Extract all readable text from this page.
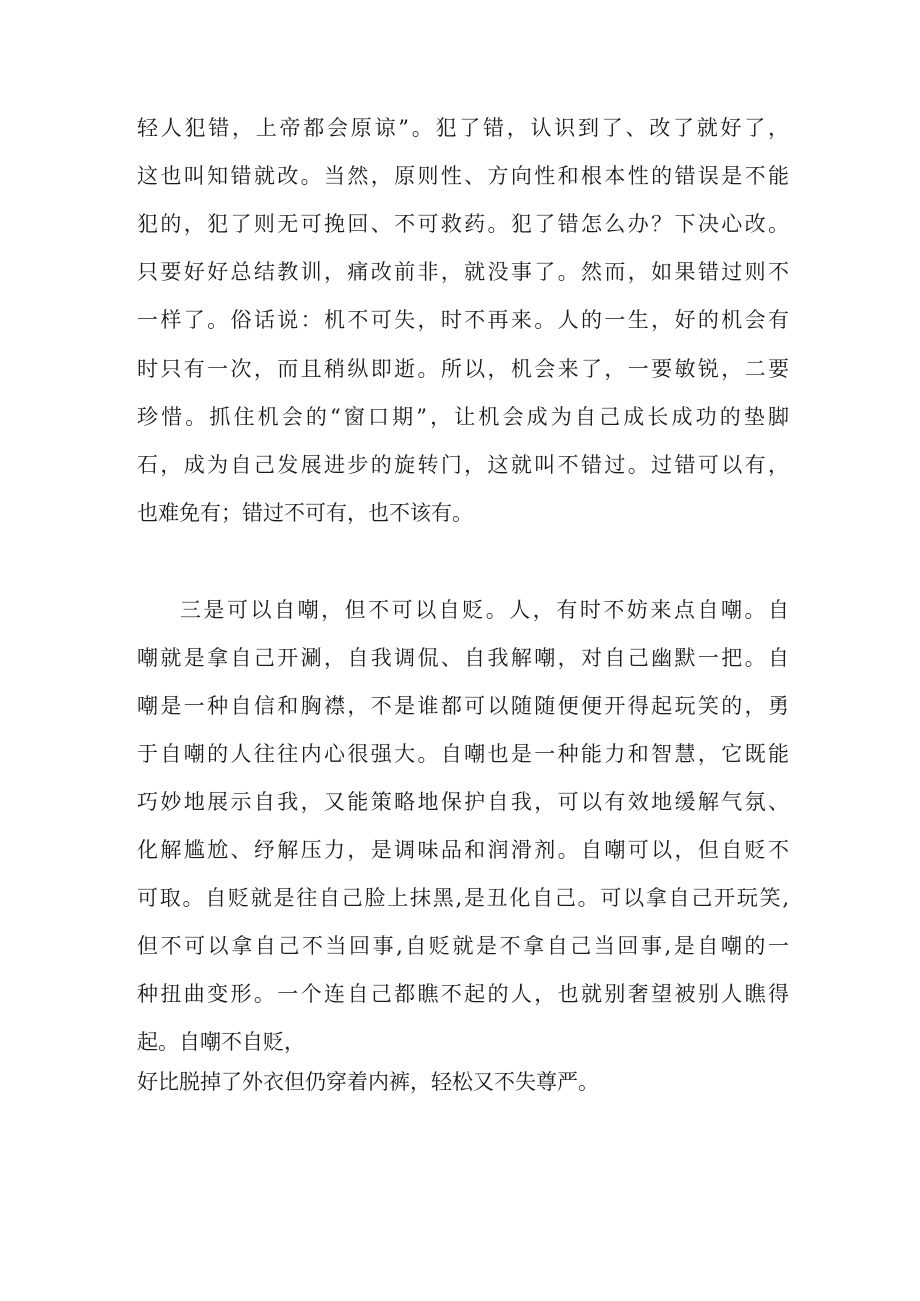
轻人犯错，上帝都会原谅”。犯了错，认识到了、改了就好了，
这也叫知错就改。当然，原则性、方向性和根本性的错误是不能
犯的，犯了则无可挽回、不可救药。犯了错怎么办？下决心改。
只要好好总结教训，痛改前非，就没事了。然而，如果错过则不
一样了。俗话说：机不可失，时不再来。人的一生，好的机会有
时只有一次，而且稍纵即逝。所以，机会来了，一要敏锐，二要
珍惜。抓住机会的“窗口期”，让机会成为自己成长成功的垫脚
石，成为自己发展进步的旋转门，这就叫不错过。过错可以有，
也难免有；错过不可有，也不该有。
三是可以自嘲，但不可以自贬。人，有时不妨来点自嘲。自
嘲就是拿自己开涮，自我调侃、自我解嘲，对自己幽默一把。自
嘲是一种自信和胸襟，不是谁都可以随随便便开得起玩笑的，勇
于自嘲的人往往内心很强大。自嘲也是一种能力和智慧，它既能
巧妙地展示自我，又能策略地保护自我，可以有效地缓解气氛、
化解尴尬、纾解压力，是调味品和润滑剂。自嘲可以，但自贬不
可取。自贬就是往自己脸上抹黑,是丑化自己。可以拿自己开玩笑,
但不可以拿自己不当回事,自贬就是不拿自己当回事,是自嘲的一
种扭曲变形。一个连自己都瞧不起的人，也就别奢望被别人瞧得
起。自嘲不自贬，
好比脱掉了外衣但仍穿着内裤，轻松又不失尊严。
